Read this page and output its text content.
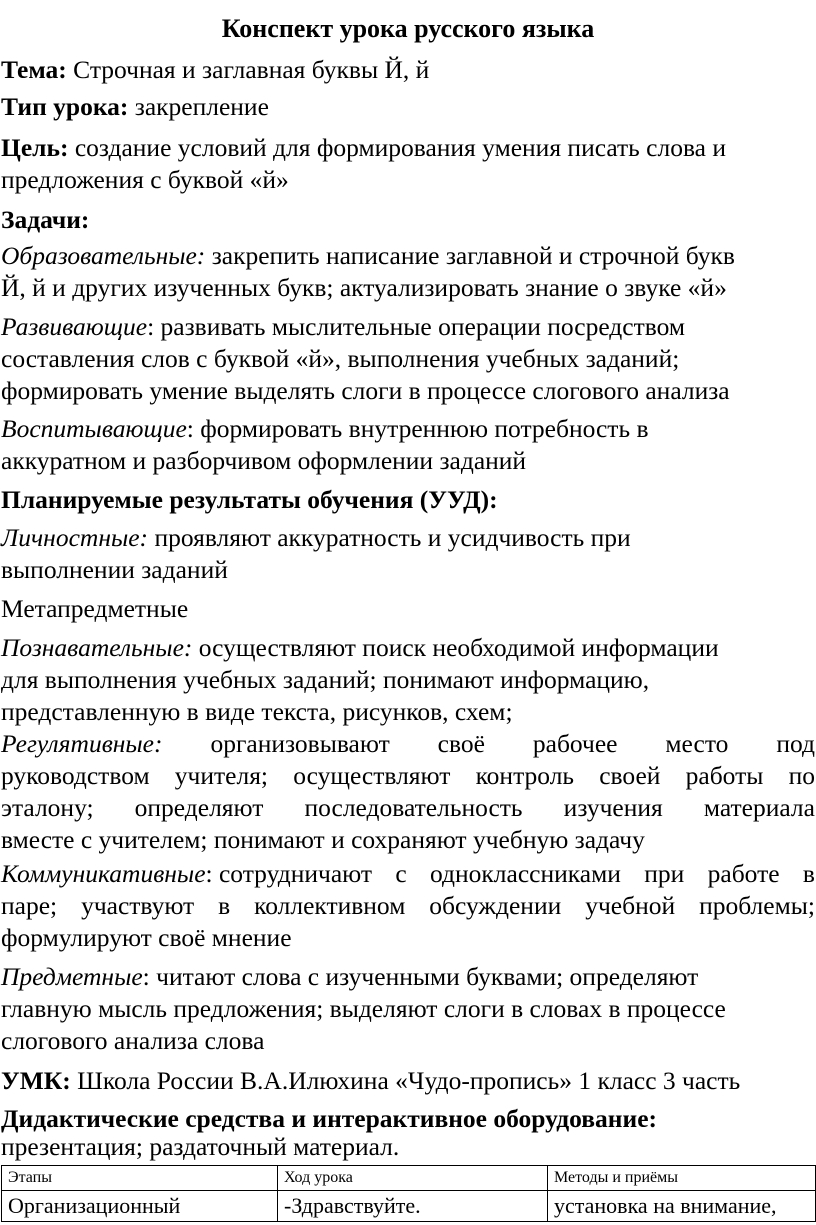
Конспект урока русского языка
Тема: Строчная и заглавная буквы Й, й
Тип урока: закрепление
Цель: создание условий для формирования умения писать слова и
предложения с буквой «й»
Задачи:
Образовательные: закрепить написание заглавной и строчной букв
Й, й и других изученных букв; актуализировать знание о звуке «й»
Развивающие: развивать мыслительные операции посредством
составления слов с буквой «й», выполнения учебных заданий;
формировать умение выделять слоги в процессе слогового анализа
Воспитывающие: формировать внутреннюю потребность в
аккуратном и разборчивом оформлении заданий
Планируемые результаты обучения (УУД):
Личностные: проявляют аккуратность и усидчивость при
выполнении заданий
Метапредметные
Познавательные: осуществляют поиск необходимой информации
для выполнения учебных заданий; понимают информацию,
представленную в виде текста, рисунков, схем;
Регулятивные: организовывают своё рабочее место под
руководством учителя; осуществляют контроль своей работы по
эталону; определяют последовательность изучения материала
вместе с учителем; понимают и сохраняют учебную задачу
Коммуникативные: сотрудничают с одноклассниками при работе в
паре; участвуют в коллективном обсуждении учебной проблемы;
формулируют своё мнение
Предметные: читают слова с изученными буквами; определяют
главную мысль предложения; выделяют слоги в словах в процессе
слогового анализа слова
УМК: Школа России В.А.Илюхина «Чудо-пропись» 1 класс 3 часть
Дидактические средства и интерактивное оборудование:
презентация; раздаточный материал.
Этапы	Ход урока	Методы и приёмы
Организационный	-Здравствуйте.	установка на внимание,
